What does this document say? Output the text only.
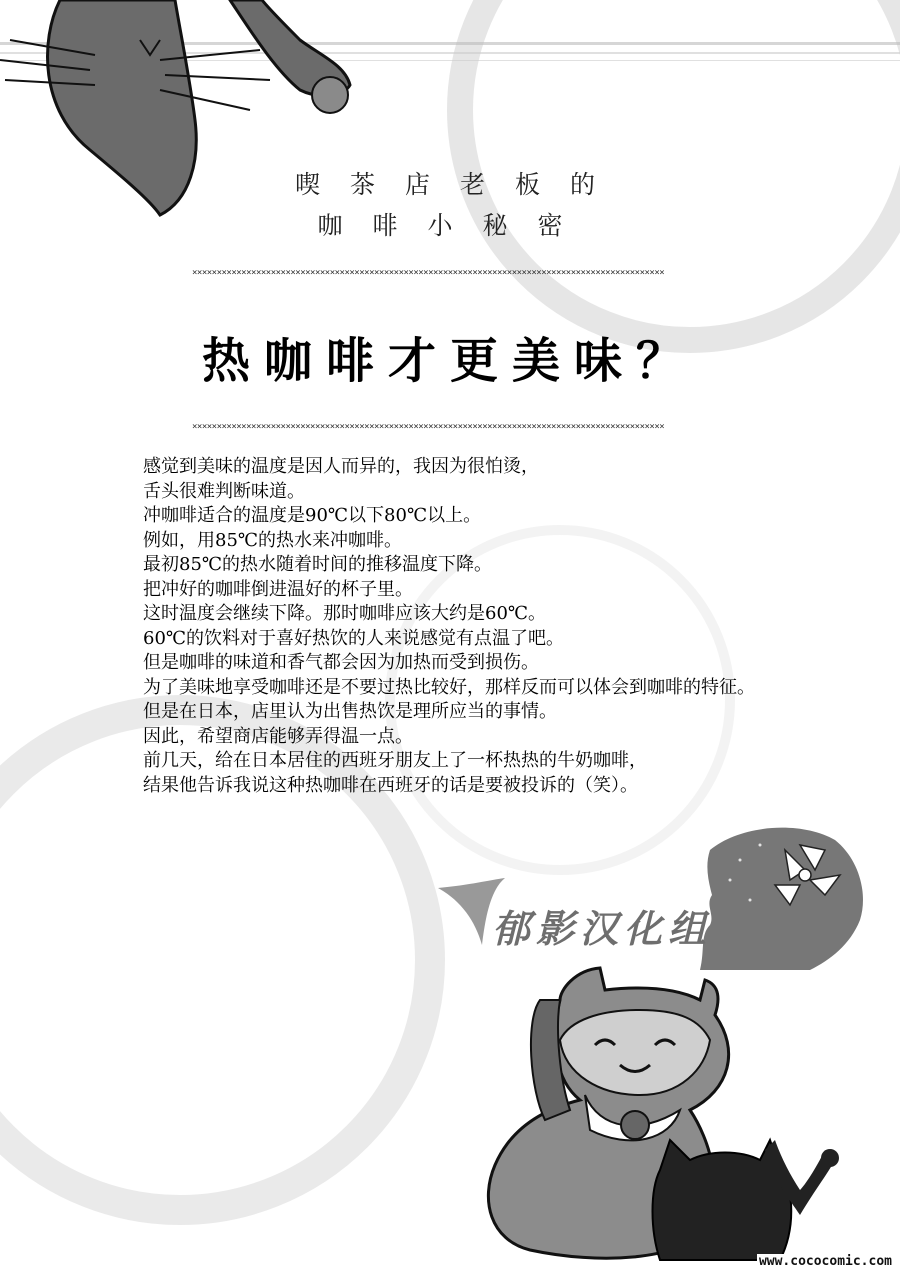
喫茶店老板的
咖啡小秘密
××××××××××××××××××××××××××××××××××××××××××××××××××××××××××××××××××××××××××××××××××××××××××××××××
热咖啡才更美味？
××××××××××××××××××××××××××××××××××××××××××××××××××××××××××××××××××××××××××××××××××××××××××××××××
感觉到美味的温度是因人而异的，我因为很怕烫，
舌头很难判断味道。
冲咖啡适合的温度是90℃以下80℃以上。
例如，用85℃的热水来冲咖啡。
最初85℃的热水随着时间的推移温度下降。
把冲好的咖啡倒进温好的杯子里。
这时温度会继续下降。那时咖啡应该大约是60℃。
60℃的饮料对于喜好热饮的人来说感觉有点温了吧。
但是咖啡的味道和香气都会因为加热而受到损伤。
为了美味地享受咖啡还是不要过热比较好，那样反而可以体会到咖啡的特征。
但是在日本，店里认为出售热饮是理所应当的事情。
因此，希望商店能够弄得温一点。
前几天，给在日本居住的西班牙朋友上了一杯热热的牛奶咖啡，
结果他告诉我说这种热咖啡在西班牙的话是要被投诉的（笑）。
郁影汉化组
www.cococomic.com
